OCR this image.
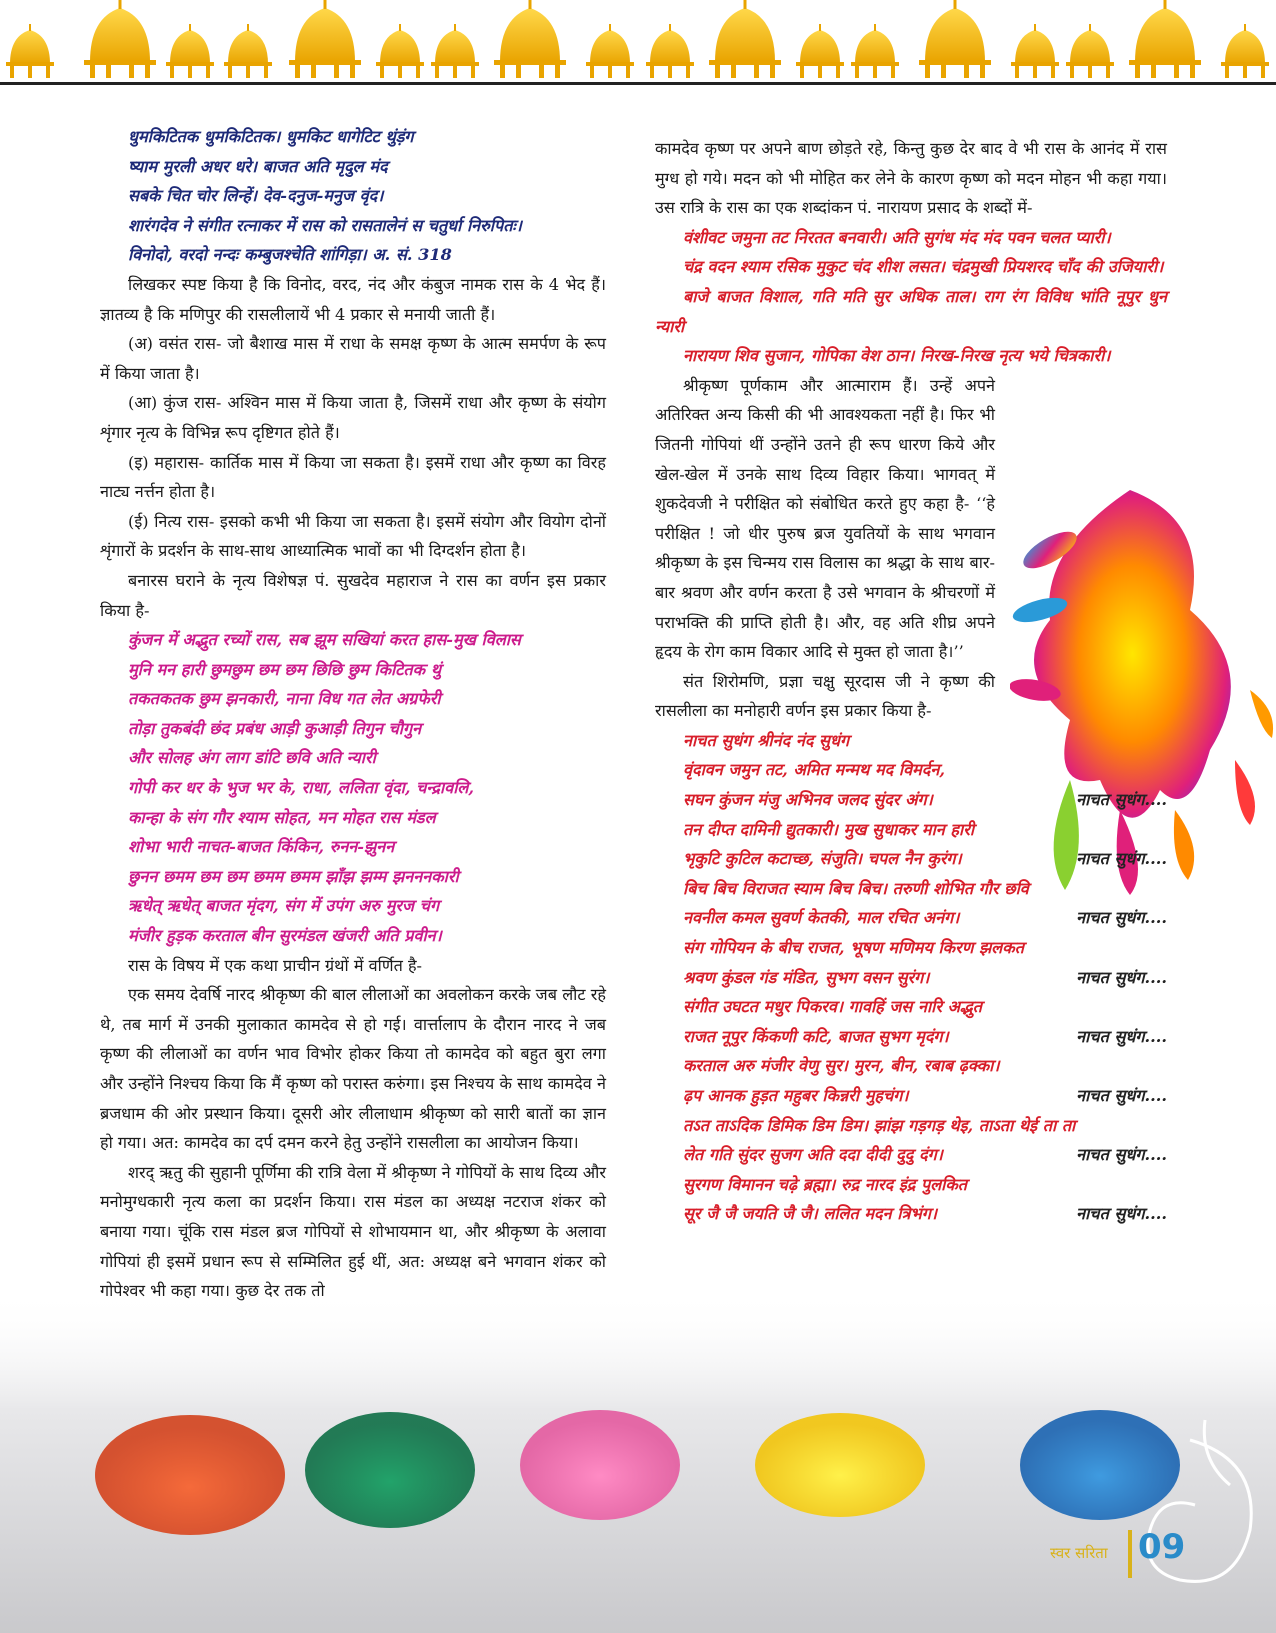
धुमकिटितक धुमकिटितक। धुमकिट धागेटिट थुंड़ंग

ष्याम मुरली अधर धरे। बाजत अति मृदुल मंद

सबके चित चोर लिन्हें। देव-दनुज-मनुज वृंद।

शारंगदेव ने संगीत रत्नाकर में रास को रासतालेनं स चतुर्धा निरुपितः।

विनोदो, वरदो नन्दः कम्बुजश्चेति शांगिड़ा। अ. सं. 318

लिखकर स्पष्ट किया है कि विनोद, वरद, नंद और कंबुज नामक रास के 4 भेद हैं। ज्ञातव्य है कि मणिपुर की रासलीलायें भी 4 प्रकार से मनायी जाती हैं।

(अ) वसंत रास- जो बैशाख मास में राधा के समक्ष कृष्ण के आत्म समर्पण के रूप में किया जाता है।

(आ) कुंज रास- अश्विन मास में किया जाता है, जिसमें राधा और कृष्ण के संयोग शृंगार नृत्य के विभिन्न रूप दृष्टिगत होते हैं।

(इ) महारास- कार्तिक मास में किया जा सकता है। इसमें राधा और कृष्ण का विरह नाट्य नर्त्तन होता है।

(ई) नित्य रास- इसको कभी भी किया जा सकता है। इसमें संयोग और वियोग दोनों शृंगारों के प्रदर्शन के साथ-साथ आध्यात्मिक भावों का भी दिग्दर्शन होता है।

बनारस घराने के नृत्य विशेषज्ञ पं. सुखदेव महाराज ने रास का वर्णन इस प्रकार किया है-

कुंजन में अद्भुत रच्यों रास, सब झूम सखियां करत हास-मुख विलास

मुनि मन हारी छुमछुम छम छम छिछि छुम किटितक थुं

तकतकतक छुम झनकारी, नाना विध गत लेत अग्रफेरी

तोड़ा तुकबंदी छंद प्रबंध आड़ी कुआड़ी तिगुन चौगुन

और सोलह अंग लाग डांटि छवि अति न्यारी

गोपी कर धर के भुज भर के, राधा, ललिता वृंदा, चन्द्रावलि,

कान्हा के संग गौर श्याम सोहत, मन मोहत रास मंडल

शोभा भारी नाचत-बाजत किंकिन, रुनन-झुनन

छुनन छमम छम छम छमम छमम झाँझ झम्म झनननकारी

ऋधेत् ऋधेत् बाजत मृंदग, संग में उपंग अरु मुरज चंग

मंजीर हुड़क करताल बीन सुरमंडल खंजरी अति प्रवीन।

रास के विषय में एक कथा प्राचीन ग्रंथों में वर्णित है-

एक समय देवर्षि नारद श्रीकृष्ण की बाल लीलाओं का अवलोकन करके जब लौट रहे थे, तब मार्ग में उनकी मुलाकात कामदेव से हो गई। वार्त्तालाप के दौरान नारद ने जब कृष्ण की लीलाओं का वर्णन भाव विभोर होकर किया तो कामदेव को बहुत बुरा लगा और उन्होंने निश्चय किया कि मैं कृष्ण को परास्त करुंगा। इस निश्चय के साथ कामदेव ने ब्रजधाम की ओर प्रस्थान किया। दूसरी ओर लीलाधाम श्रीकृष्ण को सारी बातों का ज्ञान हो गया। अत: कामदेव का दर्प दमन करने हेतु उन्होंने रासलीला का आयोजन किया।

शरद् ऋतु की सुहानी पूर्णिमा की रात्रि वेला में श्रीकृष्ण ने गोपियों के साथ दिव्य और मनोमुग्धकारी नृत्य कला का प्रदर्शन किया। रास मंडल का अध्यक्ष नटराज शंकर को बनाया गया। चूंकि रास मंडल ब्रज गोपियों से शोभायमान था, और श्रीकृष्ण के अलावा गोपियां ही इसमें प्रधान रूप से सम्मिलित हुई थीं, अत: अध्यक्ष बने भगवान शंकर को गोपेश्वर भी कहा गया। कुछ देर तक तो

कामदेव कृष्ण पर अपने बाण छोड़ते रहे, किन्तु कुछ देर बाद वे भी रास के आनंद में रास मुग्ध हो गये। मदन को भी मोहित कर लेने के कारण कृष्ण को मदन मोहन भी कहा गया। उस रात्रि के रास का एक शब्दांकन पं. नारायण प्रसाद के शब्दों में-

वंशीवट जमुना तट निरतत बनवारी। अति सुगंध मंद मंद पवन चलत प्यारी।

चंद्र वदन श्याम रसिक मुकुट चंद शीश लसत। चंद्रमुखी प्रियशरद चाँद की उजियारी।

बाजे बाजत विशाल, गति मति सुर अधिक ताल। राग रंग विविध भांति नूपुर धुन न्यारी

नारायण शिव सुजान, गोपिका वेश ठान। निरख-निरख नृत्य भये चित्रकारी।

श्रीकृष्ण पूर्णकाम और आत्माराम हैं। उन्हें अपने अतिरिक्त अन्य किसी की भी आवश्यकता नहीं है। फिर भी जितनी गोपियां थीं उन्होंने उतने ही रूप धारण किये और खेल-खेल में उनके साथ दिव्य विहार किया। भागवत् में शुकदेवजी ने परीक्षित को संबोधित करते हुए कहा है- ‘‘हे परीक्षित ! जो धीर पुरुष ब्रज युवतियों के साथ भगवान श्रीकृष्ण के इस चिन्मय रास विलास का श्रद्धा के साथ बार-बार श्रवण और वर्णन करता है उसे भगवान के श्रीचरणों में पराभक्ति की प्राप्ति होती है। और, वह अति शीघ्र अपने हृदय के रोग काम विकार आदि से मुक्त हो जाता है।’’

संत शिरोमणि, प्रज्ञा चक्षु सूरदास जी ने कृष्ण की रासलीला का मनोहारी वर्णन इस प्रकार किया है-

नाचत सुधंग श्रीनंद नंद सुधंग

वृंदावन जमुन तट, अमित मन्मथ मद विमर्दन,

नाचत सुधंग....
सघन कुंजन मंजु अभिनव जलद सुंदर अंग।

तन दीप्त दामिनी द्युतकारी। मुख सुधाकर मान हारी

नाचत सुधंग....
भृकुटि कुटिल कटाच्छ, संजुति। चपल नैन कुरंग।

बिच बिच विराजत स्याम बिच बिच। तरुणी शोभित गौर छवि

नाचत सुधंग....
नवनील कमल सुवर्ण केतकी, माल रचित अनंग।

संग गोपियन के बीच राजत, भूषण मणिमय किरण झलकत

नाचत सुधंग....
श्रवण कुंडल गंड मंडित, सुभग वसन सुरंग।

संगीत उघटत मधुर पिकरव। गावहिं जस नारि अद्भुत

नाचत सुधंग....
राजत नूपुर किंकणी कटि, बाजत सुभग मृदंग।

करताल अरु मंजीर वेणु सुर। मुरन, बीन, रबाब ढ़क्का।

नाचत सुधंग....
ढ़प आनक हुड़त महुबर किन्नरी मुहचंग।

तऽत ताऽदिक डिमिक डिम डिम। झांझ गड़गड़ थेइ, ताऽता थेई ता ता

नाचत सुधंग....
लेत गति सुंदर सुजग अति ददा दीदी दुदु दंग।

सुरगण विमानन चढ़े ब्रह्मा। रुद्र नारद इंद्र पुलकित

नाचत सुधंग....
सूर जै जै जयति जै जै। ललित मदन त्रिभंग।

स्वर सरिता 09
